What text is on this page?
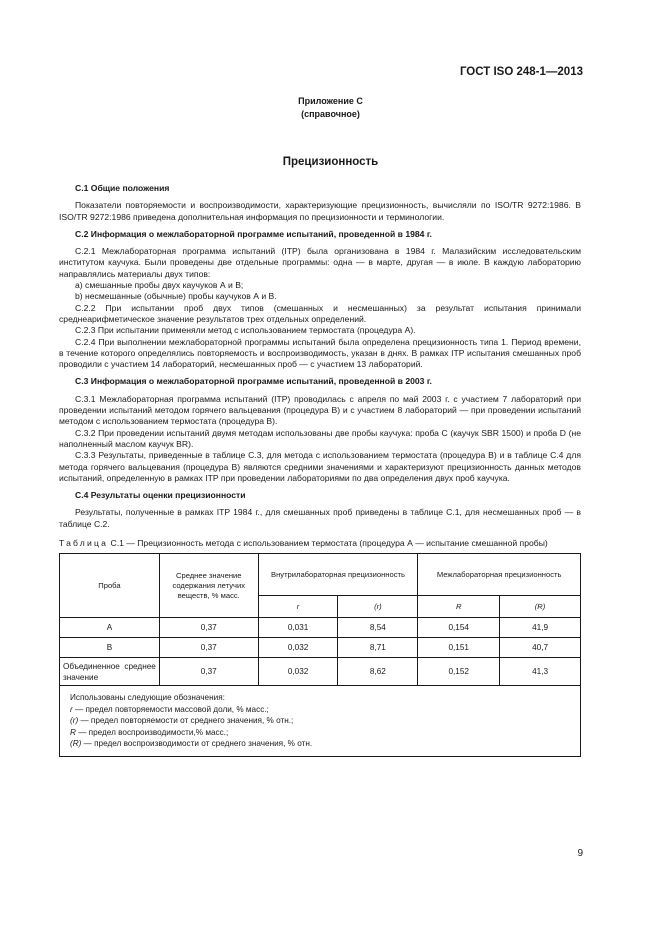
ГОСТ ISO 248-1—2013
Приложение С
(справочное)
Прецизионность
С.1 Общие положения

Показатели повторяемости и воспроизводимости, характеризующие прецизионность, вычисляли по ISO/TR 9272:1986. В ISO/TR 9272:1986 приведена дополнительная информация по прецизионности и терминологии.

С.2 Информация о межлабораторной программе испытаний, проведенной в 1984 г.

С.2.1 Межлабораторная программа испытаний (ITP) была организована в 1984 г. Малазийским исследовательским институтом каучука. Были проведены две отдельные программы: одна — в марте, другая — в июле. В каждую лабораторию направлялись материалы двух типов:

a) смешанные пробы двух каучуков А и В;

b) несмешанные (обычные) пробы каучуков А и В.

С.2.2 При испытании проб двух типов (смешанных и несмешанных) за результат испытания принимали среднеарифметическое значение результатов трех отдельных определений.

С.2.3 При испытании применяли метод с использованием термостата (процедура А).

С.2.4 При выполнении межлабораторной программы испытаний была определена прецизионность типа 1. Период времени, в течение которого определялись повторяемость и воспроизводимость, указан в днях. В рамках ITP испытания смешанных проб проводили с участием 14 лабораторий, несмешанных проб — с участием 13 лабораторий.

С.3 Информация о межлабораторной программе испытаний, проведенной в 2003 г.

С.3.1 Межлабораторная программа испытаний (ITP) проводилась с апреля по май 2003 г. с участием 7 лабораторий при проведении испытаний методом горячего вальцевания (процедура В) и с участием 8 лабораторий — при проведении испытаний методом с использованием термостата (процедура В).

С.3.2 При проведении испытаний двумя методам использованы две пробы каучука: проба С (каучук SBR 1500) и проба D (не наполненный маслом каучук BR).

С.3.3 Результаты, приведенные в таблице С.3, для метода с использованием термостата (процедура В) и в таблице С.4 для метода горячего вальцевания (процедура В) являются средними значениями и характеризуют прецизионность данных методов испытаний, определенную в рамках ITP при проведении лабораториями по два определения двух проб каучука.

С.4 Результаты оценки прецизионности

Результаты, полученные в рамках ITP 1984 г., для смешанных проб приведены в таблице С.1, для несмешанных проб — в таблице С.2.

Таблица С.1 — Прецизионность метода с использованием термостата (процедура А — испытание смешанной пробы)
Проба	Среднее значение содержания летучих веществ, % масс.	Внутрилабораторная прецизионность		Межлабораторная прецизионность	
		r	(r)	R	(R)
А	0,37	0,031	8,54	0,154	41,9
В	0,37	0,032	8,71	0,151	40,7
Объединенное среднее значение	0,37	0,032	8,62	0,152	41,3

Использованы следующие обозначения:
r — предел повторяемости массовой доли, % масс.;
(r) — предел повторяемости от среднего значения, % отн.;
R — предел воспроизводимости,% масс.;
(R) — предел воспроизводимости от среднего значения, % отн.					
9
